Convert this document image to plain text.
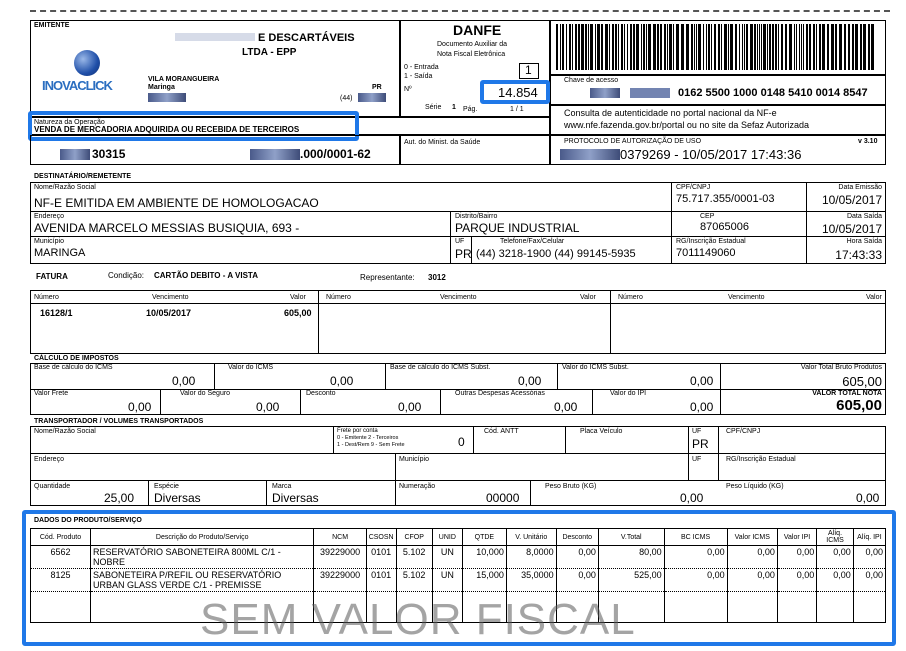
EMITENTE
E DESCARTÁVEIS
LTDA - EPP
INOVACLICK	VILA MORANGUEIRA
Maringa	PR
(44)
DANFE
Documento Auxiliar da
Nota Fiscal Eletrônica
0 - Entrada
1 - Saída	1
Nº	14.854
Série 1 Pág.	1 / 1
Chave de acesso
0162 5500 1000 0148 5410 0014 8547
Consulta de autenticidade no portal nacional da NF-e
www.nfe.fazenda.gov.br/portal ou no site da Sefaz Autorizada
PROTOCOLO DE AUTORIZAÇÃO DE USO	v 3.10
0379269 - 10/05/2017 17:43:36
Natureza da Operação
VENDA DE MERCADORIA ADQUIRIDA OU RECEBIDA DE TERCEIROS
30315	.000/0001-62
Aut. do Minist. da Saúde
DESTINATÁRIO/REMETENTE
Nome/Razão Social
NF-E EMITIDA EM AMBIENTE DE HOMOLOGACAO
CPF/CNPJ
75.717.355/0001-03
Data Emissão
10/05/2017
Endereço
AVENIDA MARCELO MESSIAS BUSIQUIA, 693 -
Distrito/Bairro
PARQUE INDUSTRIAL
CEP
87065006
Data Saída
10/05/2017
Município
MARINGA
UF
PR
Telefone/Fax/Celular
(44) 3218-1900 (44) 99145-5935
RG/Inscrição Estadual
7011149060
Hora Saída
17:43:33
FATURA	Condição: CARTÃO DEBITO - A VISTA	Representante: 3012
Número	Vencimento	Valor	Número	Vencimento	Valor	Número	Vencimento	Valor
16128/1	10/05/2017	605,00
CÁLCULO DE IMPOSTOS
Base de cálculo do ICMS
0,00
Valor do ICMS
0,00
Base de cálculo do ICMS Subst.
0,00
Valor do ICMS Subst.
0,00
Valor Total Bruto Produtos
605,00
Valor Frete
0,00
Valor do Seguro
0,00
Desconto
0,00
Outras Despesas Acessórias
0,00
Valor do IPI
0,00
VALOR TOTAL NOTA
605,00
TRANSPORTADOR / VOLUMES TRANSPORTADOS
Nome/Razão Social	Frete por conta
0 - Emitente 2 - Terceiros
1 - Dest/Rem 9 - Sem Frete	0
Cód. ANTT	Placa Veículo	UF
PR
CPF/CNPJ
Endereço	Município	UF	RG/Inscrição Estadual
Quantidade
25,00
Espécie
Diversas
Marca
Diversas
Numeração
00000
Peso Bruto (KG)
0,00
Peso Líquido (KG)
0,00
DADOS DO PRODUTO/SERVIÇO
Cód. Produto	Descrição do Produto/Serviço	NCM	CSOSN	CFOP	UNID	QTDE	V. Unitário	Desconto	V.Total	BC ICMS	Valor ICMS	Valor IPI	Alíq. ICMS	Alíq. IPI
6562	RESERVATÓRIO SABONETEIRA 800ML C/1 - NOBRE	39229000	0101	5.102	UN	10,000	8,0000	0,00	80,00	0,00	0,00	0,00	0,00	0,00
8125	SABONETEIRA P/REFIL OU RESERVATÓRIO URBAN GLASS VERDE C/1 - PREMISSE	39229000	0101	5.102	UN	15,000	35,0000	0,00	525,00	0,00	0,00	0,00	0,00	0,00

SEM VALOR FISCAL
